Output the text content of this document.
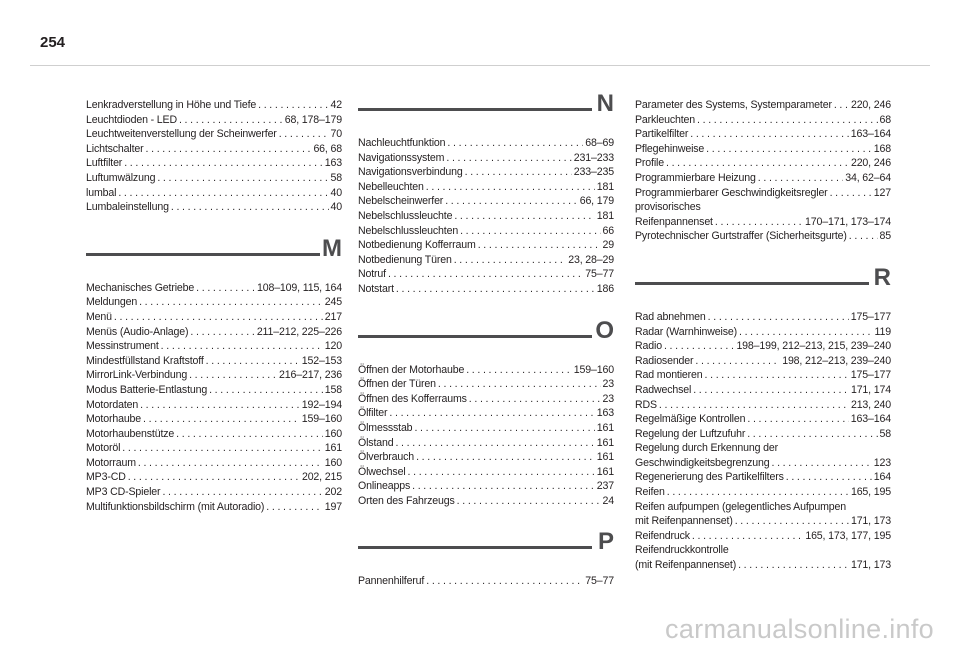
254
Lenkradverstellung in Höhe und Tiefe . . .	42
Leuchtdioden - LED . . .	68, 178–179
Leuchtweitenverstellung der Scheinwerfer . . .	70
Lichtschalter . . .	66, 68
Luftfilter . . .	163
Luftumwälzung . . .	58
lumbal . . .	40
Lumbaleinstellung . . .	40
M
Mechanisches Getriebe . . .	108–109, 115, 164
Meldungen . . .	245
Menü . . .	217
Menüs (Audio-Anlage) . . .	211–212, 225–226
Messinstrument . . .	120
Mindestfüllstand Kraftstoff . . .	152–153
MirrorLink-Verbindung . . .	216–217, 236
Modus Batterie-Entlastung . . .	158
Motordaten . . .	192–194
Motorhaube . . .	159–160
Motorhaubenstütze . . .	160
Motoröl . . .	161
Motorraum . . .	160
MP3-CD . . .	202, 215
MP3 CD-Spieler . . .	202
Multifunktionsbildschirm (mit Autoradio) . . .	197
N
Nachleuchtfunktion . . .	68–69
Navigationssystem . . .	231–233
Navigationsverbindung . . .	233–235
Nebelleuchten . . .	181
Nebelscheinwerfer . . .	66, 179
Nebelschlussleuchte . . .	181
Nebelschlussleuchten . . .	66
Notbedienung Kofferraum . . .	29
Notbedienung Türen . . .	23, 28–29
Notruf . . .	75–77
Notstart . . .	186
O
Öffnen der Motorhaube . . .	159–160
Öffnen der Türen . . .	23
Öffnen des Kofferraums . . .	23
Ölfilter . . .	163
Ölmessstab . . .	161
Ölstand . . .	161
Ölverbrauch . . .	161
Ölwechsel . . .	161
Onlineapps . . .	237
Orten des Fahrzeugs . . .	24
P
Pannenhilferuf . . .	75–77
Parameter des Systems, Systemparameter . . . 220, 246
Parkleuchten . . .	68
Partikelfilter . . .	163–164
Pflegehinweise . . .	168
Profile . . .	220, 246
Programmierbare Heizung . . .	34, 62–64
Programmierbarer Geschwindigkeitsregler . . .	127
provisorisches
Reifenpannenset . . .	170–171, 173–174
Pyrotechnischer Gurtstraffer (Sicherheitsgurte) . . .	85
R
Rad abnehmen . . .	175–177
Radar (Warnhinweise) . . .	119
Radio . . .	198–199, 212–213, 215, 239–240
Radiosender . . .	198, 212–213, 239–240
Rad montieren . . .	175–177
Radwechsel . . .	171, 174
RDS . . .	213, 240
Regelmäßige Kontrollen . . .	163–164
Regelung der Luftzufuhr . . .	58
Regelung durch Erkennung der
Geschwindigkeitsbegrenzung . . .	123
Regenerierung des Partikelfilters . . .	164
Reifen . . .	165, 195
Reifen aufpumpen (gelegentliches Aufpumpen
mit Reifenpannenset) . . .	171, 173
Reifendruck . . .	165, 173, 177, 195
Reifendruckkontrolle
(mit Reifenpannenset) . . .	171, 173
carmanualsonline.info
